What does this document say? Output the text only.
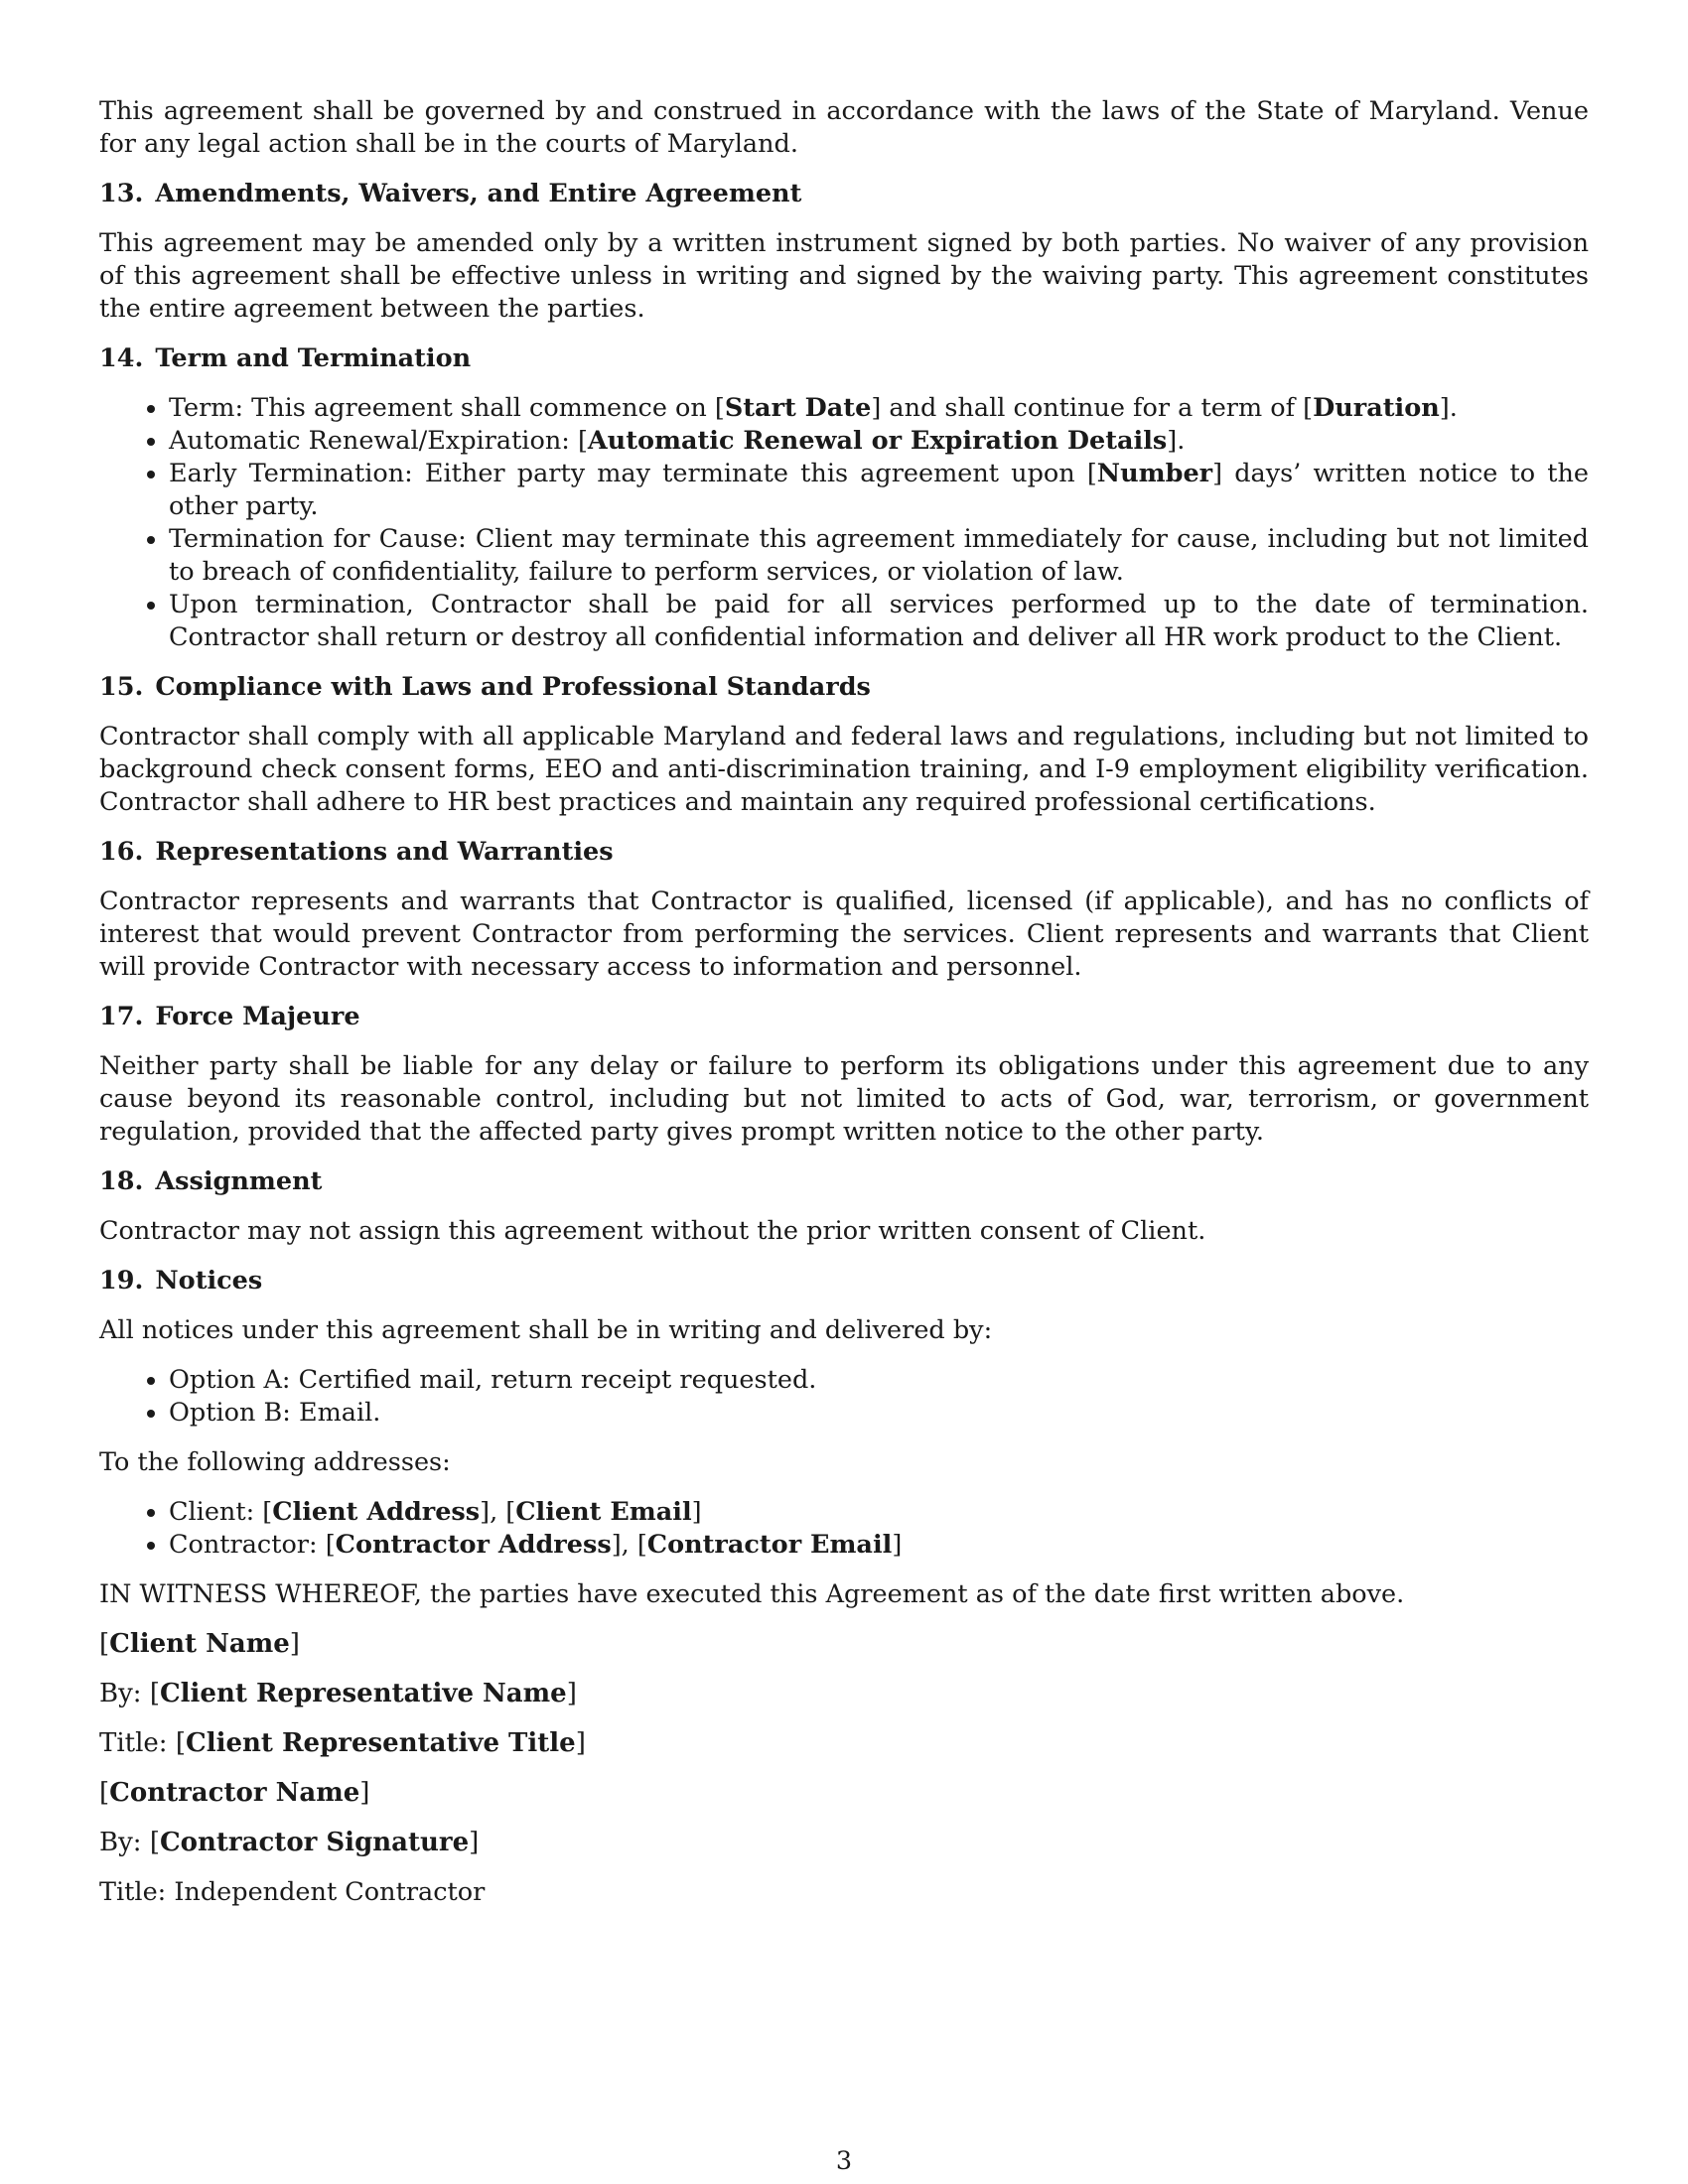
This agreement shall be governed by and construed in accordance with the laws of the State of Maryland. Venue for any legal action shall be in the courts of Maryland.

13. Amendments, Waivers, and Entire Agreement

This agreement may be amended only by a written instrument signed by both parties. No waiver of any provision of this agreement shall be effective unless in writing and signed by the waiving party. This agreement constitutes the entire agreement between the parties.

14. Term and Termination
• Term: This agreement shall commence on [Start Date] and shall continue for a term of [Duration].
• Automatic Renewal/Expiration: [Automatic Renewal or Expiration Details].
• Early Termination: Either party may terminate this agreement upon [Number] days’ written notice to the other party.
• Termination for Cause: Client may terminate this agreement immediately for cause, including but not limited to breach of confidentiality, failure to perform services, or violation of law.
• Upon termination, Contractor shall be paid for all services performed up to the date of termination. Contractor shall return or destroy all confidential information and deliver all HR work product to the Client.
15. Compliance with Laws and Professional Standards

Contractor shall comply with all applicable Maryland and federal laws and regulations, including but not limited to background check consent forms, EEO and anti-discrimination training, and I-9 employment eligibility verification. Contractor shall adhere to HR best practices and maintain any required professional certifications.

16. Representations and Warranties

Contractor represents and warrants that Contractor is qualified, licensed (if applicable), and has no conflicts of interest that would prevent Contractor from performing the services. Client represents and warrants that Client will provide Contractor with necessary access to information and personnel.

17. Force Majeure

Neither party shall be liable for any delay or failure to perform its obligations under this agreement due to any cause beyond its reasonable control, including but not limited to acts of God, war, terrorism, or government regulation, provided that the affected party gives prompt written notice to the other party.

18. Assignment

Contractor may not assign this agreement without the prior written consent of Client.

19. Notices

All notices under this agreement shall be in writing and delivered by:

• Option A: Certified mail, return receipt requested.
• Option B: Email.

To the following addresses:

• Client: [Client Address], [Client Email]
• Contractor: [Contractor Address], [Contractor Email]

IN WITNESS WHEREOF, the parties have executed this Agreement as of the date first written above.

[Client Name]

By: [Client Representative Name]

Title: [Client Representative Title]

[Contractor Name]

By: [Contractor Signature]

Title: Independent Contractor

3
